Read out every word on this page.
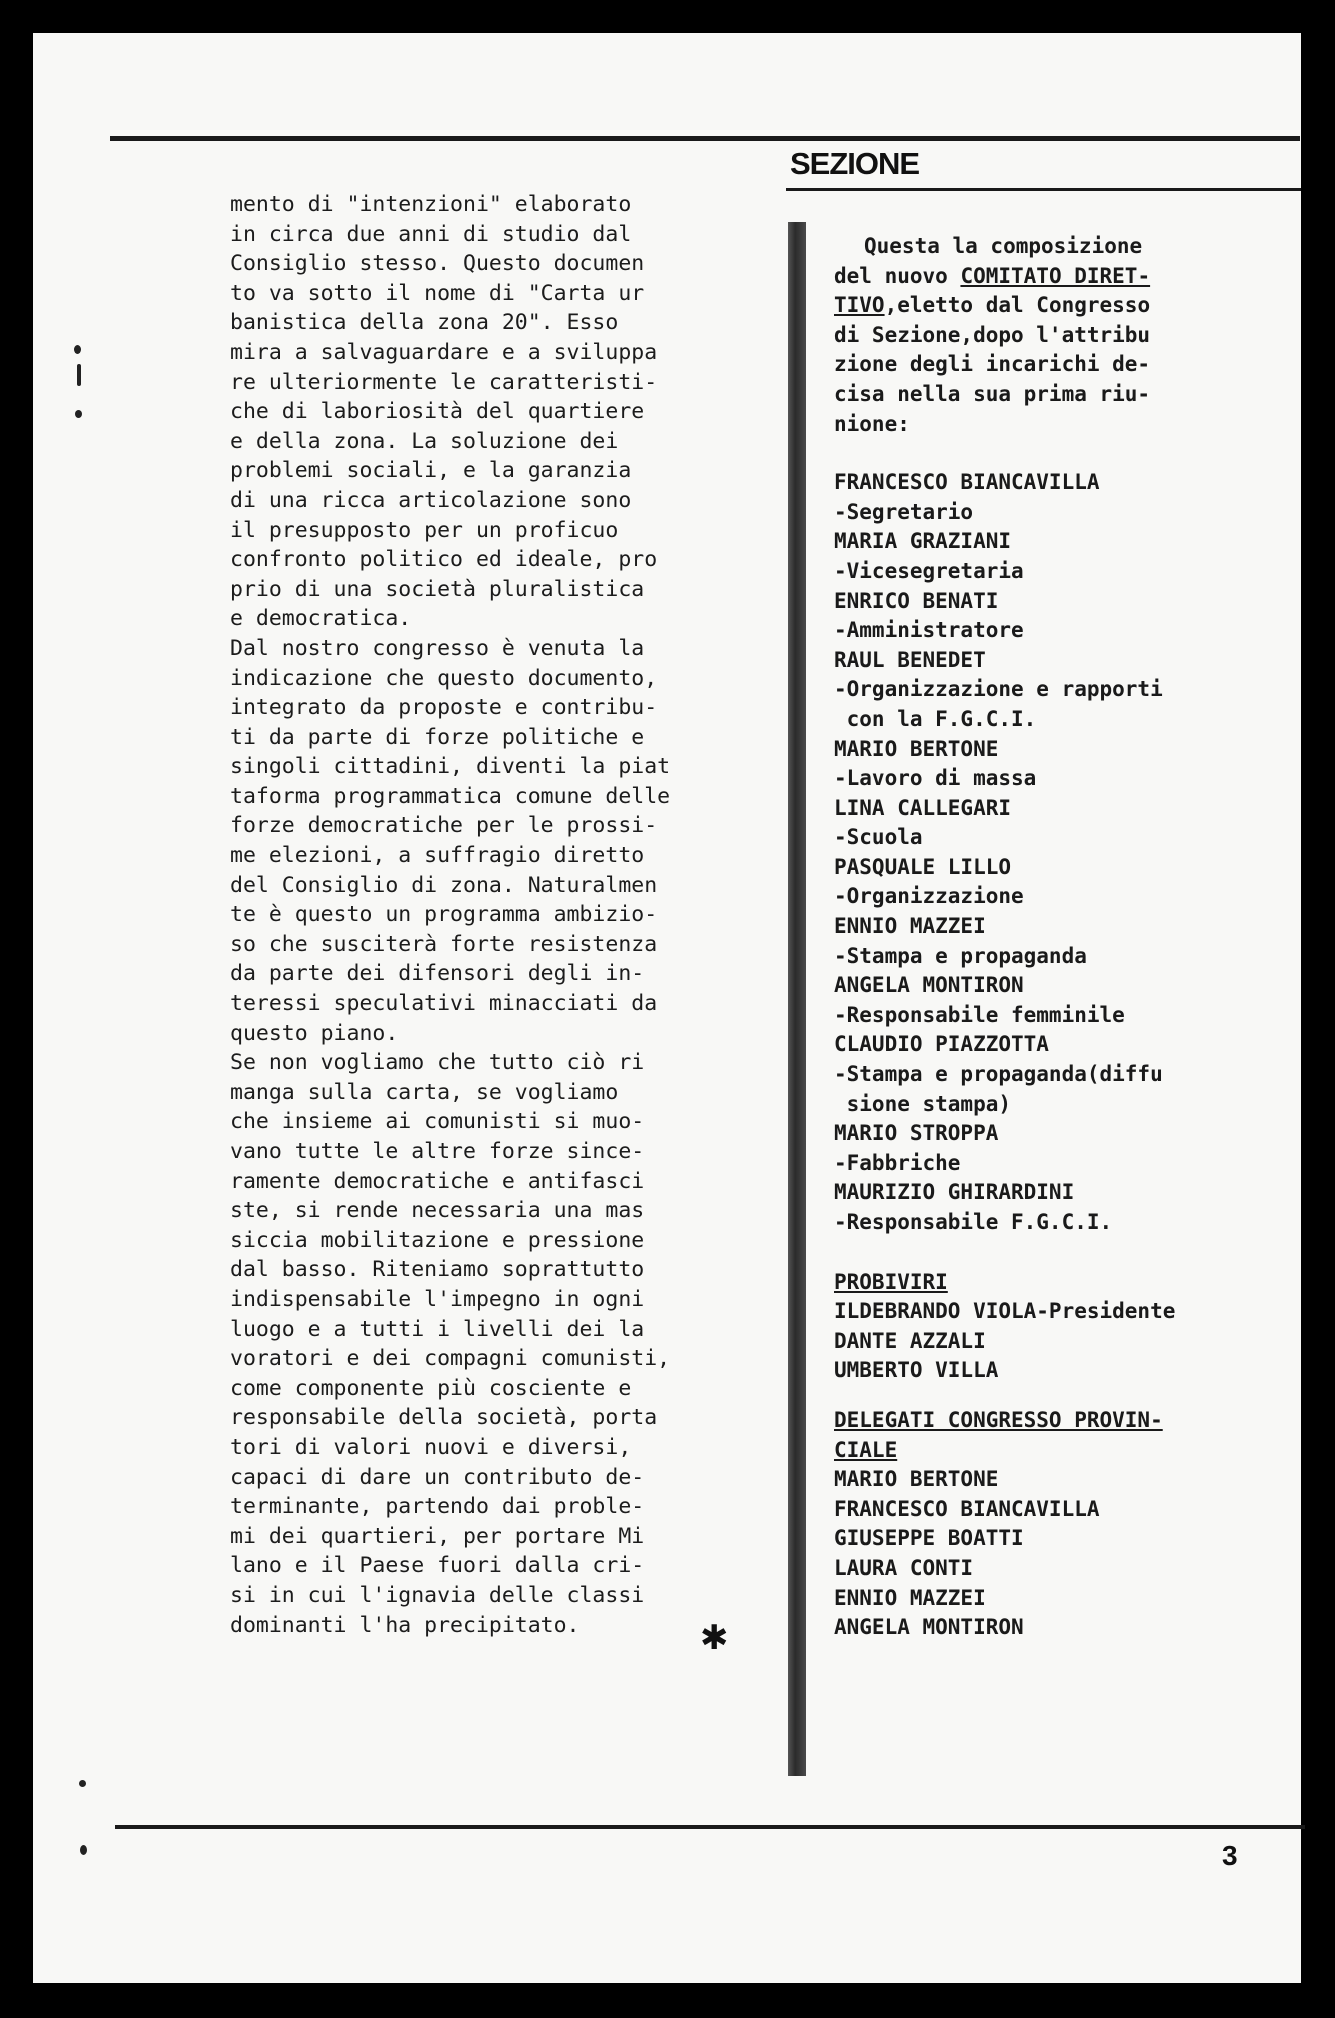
SEZIONE

mento di "intenzioni" elaborato
in circa due anni di studio dal
Consiglio stesso. Questo documen
to va sotto il nome di "Carta ur
banistica della zona 20". Esso
mira a salvaguardare e a sviluppa
re ulteriormente le caratteristi-
che di laboriosità del quartiere
e della zona. La soluzione dei
problemi sociali, e la garanzia
di una ricca articolazione sono
il presupposto per un proficuo
confronto politico ed ideale, pro
prio di una società pluralistica
e democratica.

Dal nostro congresso è venuta la
indicazione che questo documento,
integrato da proposte e contribu-
ti da parte di forze politiche e
singoli cittadini, diventi la piat
taforma programmatica comune delle
forze democratiche per le prossi-
me elezioni, a suffragio diretto
del Consiglio di zona. Naturalmen
te è questo un programma ambizio-
so che susciterà forte resistenza
da parte dei difensori degli in-
teressi speculativi minacciati da
questo piano.

Se non vogliamo che tutto ciò ri
manga sulla carta, se vogliamo
che insieme ai comunisti si muo-
vano tutte le altre forze since-
ramente democratiche e antifasci
ste, si rende necessaria una mas
siccia mobilitazione e pressione
dal basso. Riteniamo soprattutto
indispensabile l'impegno in ogni
luogo e a tutti i livelli dei la
voratori e dei compagni comunisti,
come componente più cosciente e
responsabile della società, porta
tori di valori nuovi e diversi,
capaci di dare un contributo de-
terminante, partendo dai proble-
mi dei quartieri, per portare Mi
lano e il Paese fuori dalla cri-
si in cui l'ignavia delle classi
dominanti l'ha precipitato.	✱
Questa la composizione
del nuovo COMITATO DIRET-
TIVO,eletto dal Congresso
di Sezione,dopo l'attribu
zione degli incarichi de-
cisa nella sua prima riu-
nione:
FRANCESCO BIANCAVILLA
-Segretario
MARIA GRAZIANI
-Vicesegretaria
ENRICO BENATI
-Amministratore
RAUL BENEDET
-Organizzazione e rapporti
con la F.G.C.I.
MARIO BERTONE
-Lavoro di massa
LINA CALLEGARI
-Scuola
PASQUALE LILLO
-Organizzazione
ENNIO MAZZEI
-Stampa e propaganda
ANGELA MONTIRON
-Responsabile femminile
CLAUDIO PIAZZOTTA
-Stampa e propaganda(diffu
sione stampa)
MARIO STROPPA
-Fabbriche
MAURIZIO GHIRARDINI
-Responsabile F.G.C.I.
PROBIVIRI
ILDEBRANDO VIOLA-Presidente
DANTE AZZALI
UMBERTO VILLA
DELEGATI CONGRESSO PROVIN-
CIALE
MARIO BERTONE
FRANCESCO BIANCAVILLA
GIUSEPPE BOATTI
LAURA CONTI
ENNIO MAZZEI
ANGELA MONTIRON
3
